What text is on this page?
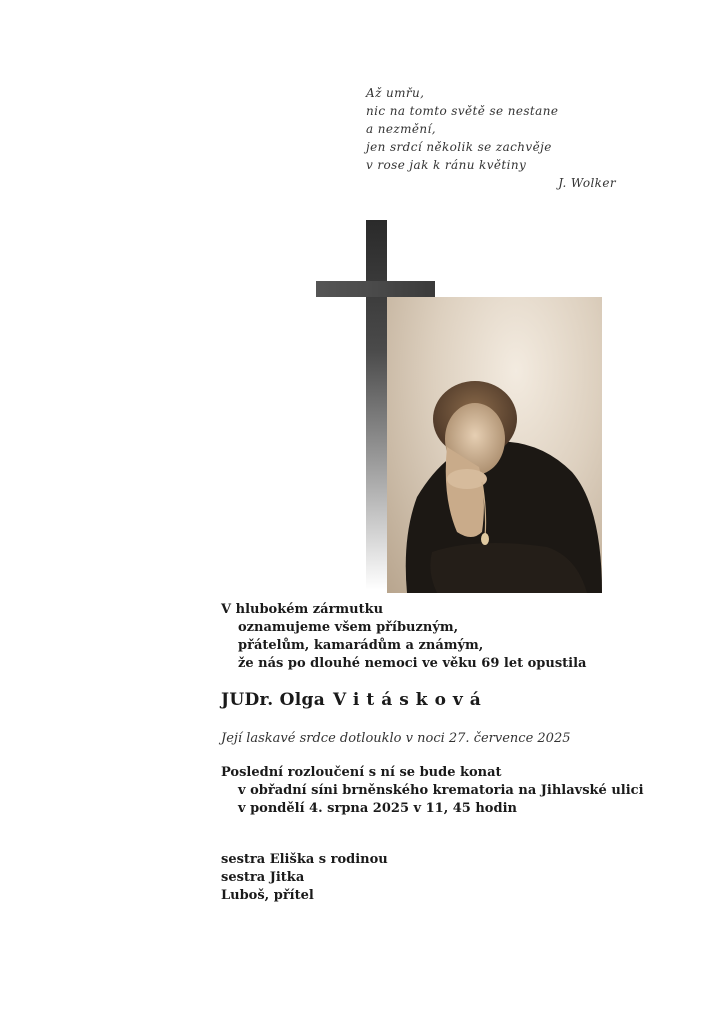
Až umřu,
nic na tomto světě se nestane
a nezmění,
jen srdcí několik se zachvěje
v rose jak k ránu květiny
J. Wolker
V hlubokém zármutku
oznamujeme všem příbuzným,
přátelům, kamarádům a známým,
že nás po dlouhé nemoci ve věku 69 let opustila
JUDr. Olga Vitásková
Její laskavé srdce dotlouklo v noci 27. července 2025
Poslední rozloučení s ní se bude konat
v obřadní síni brněnského krematoria na Jihlavské ulici
v pondělí 4. srpna 2025 v 11, 45 hodin
sestra Eliška s rodinou
sestra Jitka
Luboš, přítel
